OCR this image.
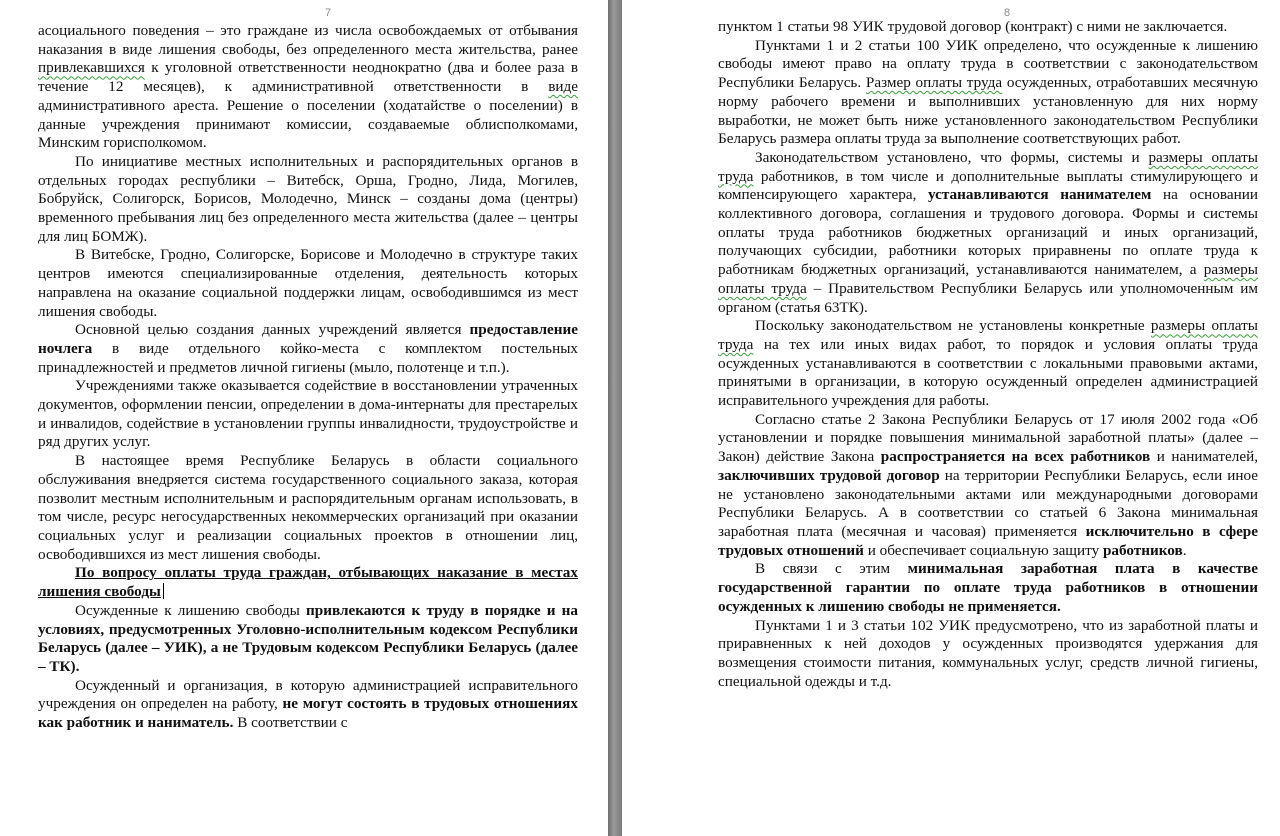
7

асоциального поведения – это граждане из числа освобождаемых от отбывания наказания в виде лишения свободы, без определенного места жительства, ранее привлекавшихся к уголовной ответственности неоднократно (два и более раза в течение 12 месяцев), к административной ответственности в виде административного ареста. Решение о поселении (ходатайстве о поселении) в данные учреждения принимают комиссии, создаваемые облисполкомами, Минским горисполкомом.

По инициативе местных исполнительных и распорядительных органов в отдельных городах республики – Витебск, Орша, Гродно, Лида, Могилев, Бобруйск, Солигорск, Борисов, Молодечно, Минск – созданы дома (центры) временного пребывания лиц без определенного места жительства (далее – центры для лиц БОМЖ).

В Витебске, Гродно, Солигорске, Борисове и Молодечно в структуре таких центров имеются специализированные отделения, деятельность которых направлена на оказание социальной поддержки лицам, освободившимся из мест лишения свободы.

Основной целью создания данных учреждений является предоставление ночлега в виде отдельного койко-места с комплектом постельных принадлежностей и предметов личной гигиены (мыло, полотенце и т.п.).

Учреждениями также оказывается содействие в восстановлении утраченных документов, оформлении пенсии, определении в дома-интернаты для престарелых и инвалидов, содействие в установлении группы инвалидности, трудоустройстве и ряд других услуг.

В настоящее время Республике Беларусь в области социального обслуживания внедряется система государственного социального заказа, которая позволит местным исполнительным и распорядительным органам использовать, в том числе, ресурс негосударственных некоммерческих организаций при оказании социальных услуг и реализации социальных проектов в отношении лиц, освободившихся из мест лишения свободы.

По вопросу оплаты труда граждан, отбывающих наказание в местах лишения свободы

Осужденные к лишению свободы привлекаются к труду в порядке и на условиях, предусмотренных Уголовно-исполнительным кодексом Республики Беларусь (далее – УИК), а не Трудовым кодексом Республики Беларусь (далее – ТК).

Осужденный и организация, в которую администрацией исправительного учреждения он определен на работу, не могут состоять в трудовых отношениях как работник и наниматель. В соответствии с

8

пунктом 1 статьи 98 УИК трудовой договор (контракт) с ними не заключается.

Пунктами 1 и 2 статьи 100 УИК определено, что осужденные к лишению свободы имеют право на оплату труда в соответствии с законодательством Республики Беларусь. Размер оплаты труда осужденных, отработавших месячную норму рабочего времени и выполнивших установленную для них норму выработки, не может быть ниже установленного законодательством Республики Беларусь размера оплаты труда за выполнение соответствующих работ.

Законодательством установлено, что формы, системы и размеры оплаты труда работников, в том числе и дополнительные выплаты стимулирующего и компенсирующего характера, устанавливаются нанимателем на основании коллективного договора, соглашения и трудового договора. Формы и системы оплаты труда работников бюджетных организаций и иных организаций, получающих субсидии, работники которых приравнены по оплате труда к работникам бюджетных организаций, устанавливаются нанимателем, а размеры оплаты труда – Правительством Республики Беларусь или уполномоченным им органом (статья 63ТК).

Поскольку законодательством не установлены конкретные размеры оплаты труда на тех или иных видах работ, то порядок и условия оплаты труда осужденных устанавливаются в соответствии с локальными правовыми актами, принятыми в организации, в которую осужденный определен администрацией исправительного учреждения для работы.

Согласно статье 2 Закона Республики Беларусь от 17 июля 2002 года «Об установлении и порядке повышения минимальной заработной платы» (далее – Закон) действие Закона распространяется на всех работников и нанимателей, заключивших трудовой договор на территории Республики Беларусь, если иное не установлено законодательными актами или международными договорами Республики Беларусь. А в соответствии со статьей 6 Закона минимальная заработная плата (месячная и часовая) применяется исключительно в сфере трудовых отношений и обеспечивает социальную защиту работников.

В связи с этим минимальная заработная плата в качестве государственной гарантии по оплате труда работников в отношении осужденных к лишению свободы не применяется.

Пунктами 1 и 3 статьи 102 УИК предусмотрено, что из заработной платы и приравненных к ней доходов у осужденных производятся удержания для возмещения стоимости питания, коммунальных услуг, средств личной гигиены, специальной одежды и т.д.
